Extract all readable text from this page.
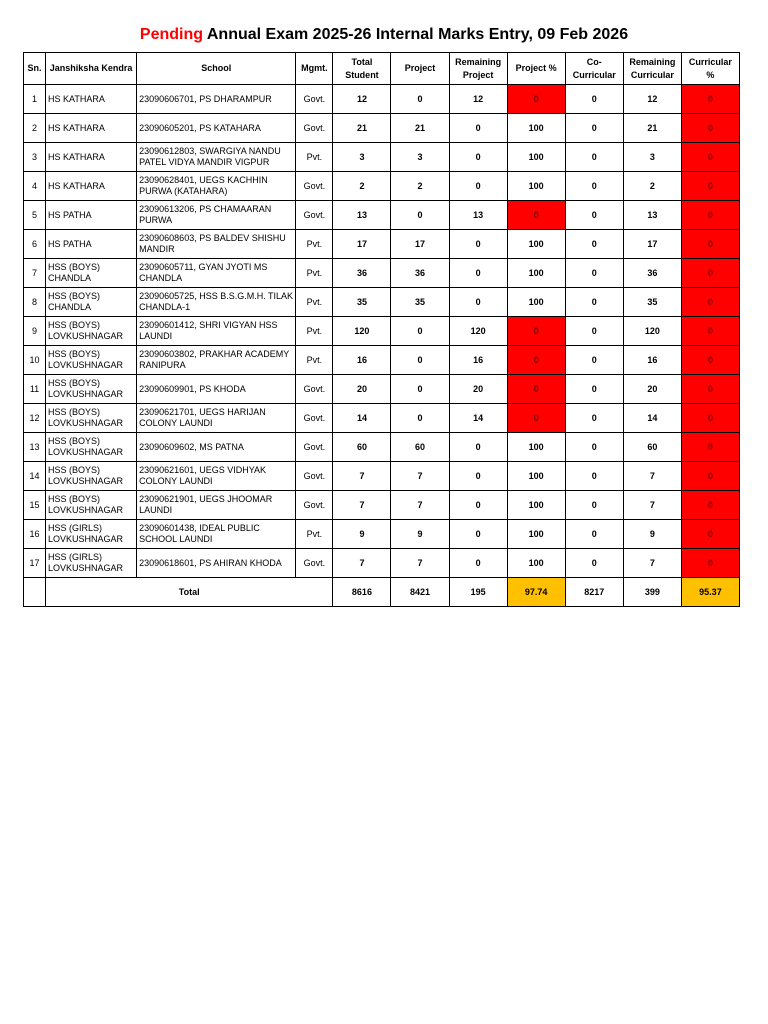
Pending Annual Exam 2025-26 Internal Marks Entry, 09 Feb 2026
Sn.	Janshiksha Kendra	School	Mgmt.	Total Student	Project	Remaining Project	Project %	Co-Curricular	Remaining Curricular	Curricular %
1	HS KATHARA	23090606701, PS DHARAMPUR	Govt.	12	0	12	0	0	12	0
2	HS KATHARA	23090605201, PS KATAHARA	Govt.	21	21	0	100	0	21	0
3	HS KATHARA	23090612803, SWARGIYA NANDU PATEL VIDYA MANDIR VIGPUR	Pvt.	3	3	0	100	0	3	0
4	HS KATHARA	23090628401, UEGS KACHHIN PURWA (KATAHARA)	Govt.	2	2	0	100	0	2	0
5	HS PATHA	23090613206, PS CHAMAARAN PURWA	Govt.	13	0	13	0	0	13	0
6	HS PATHA	23090608603, PS BALDEV SHISHU MANDIR	Pvt.	17	17	0	100	0	17	0
7	HSS (BOYS) CHANDLA	23090605711, GYAN JYOTI MS CHANDLA	Pvt.	36	36	0	100	0	36	0
8	HSS (BOYS) CHANDLA	23090605725, HSS B.S.G.M.H. TILAK CHANDLA-1	Pvt.	35	35	0	100	0	35	0
9	HSS (BOYS) LOVKUSHNAGAR	23090601412, SHRI VIGYAN HSS LAUNDI	Pvt.	120	0	120	0	0	120	0
10	HSS (BOYS) LOVKUSHNAGAR	23090603802, PRAKHAR ACADEMY RANIPURA	Pvt.	16	0	16	0	0	16	0
11	HSS (BOYS) LOVKUSHNAGAR	23090609901, PS KHODA	Govt.	20	0	20	0	0	20	0
12	HSS (BOYS) LOVKUSHNAGAR	23090621701, UEGS HARIJAN COLONY LAUNDI	Govt.	14	0	14	0	0	14	0
13	HSS (BOYS) LOVKUSHNAGAR	23090609602, MS PATNA	Govt.	60	60	0	100	0	60	0
14	HSS (BOYS) LOVKUSHNAGAR	23090621601, UEGS VIDHYAK COLONY LAUNDI	Govt.	7	7	0	100	0	7	0
15	HSS (BOYS) LOVKUSHNAGAR	23090621901, UEGS JHOOMAR LAUNDI	Govt.	7	7	0	100	0	7	0
16	HSS (GIRLS) LOVKUSHNAGAR	23090601438, IDEAL PUBLIC SCHOOL LAUNDI	Pvt.	9	9	0	100	0	9	0
17	HSS (GIRLS) LOVKUSHNAGAR	23090618601, PS AHIRAN KHODA	Govt.	7	7	0	100	0	7	0
	Total			8616	8421	195	97.74	8217	399	95.37
